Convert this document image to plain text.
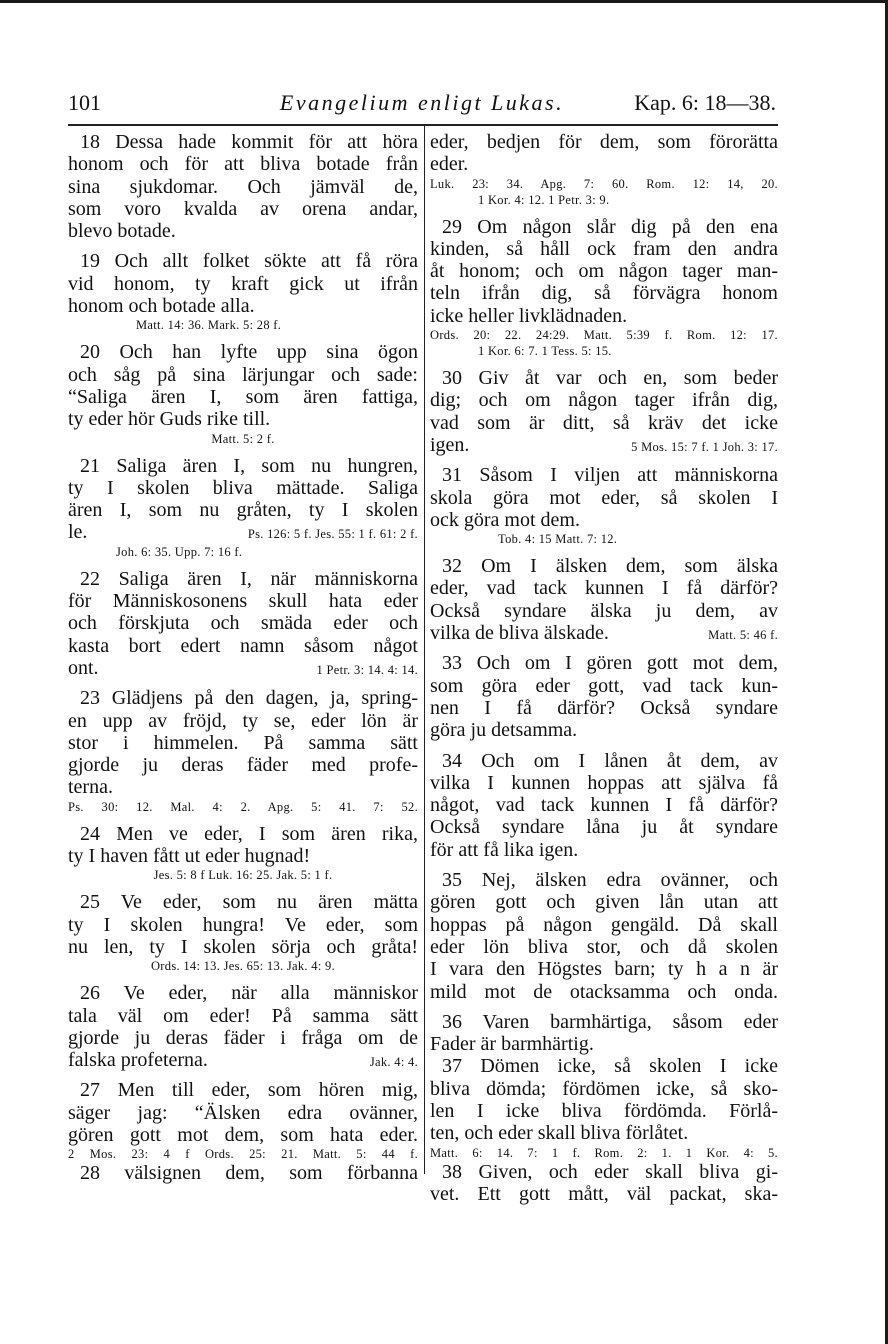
101	Evangelium enligt Lukas.	Kap. 6: 18—38.
18 Dessa hade kommit för att höra
honom och för att bliva botade från
sina sjukdomar. Och jämväl de,
som voro kvalda av orena andar,
blevo botade.
19 Och allt folket sökte att få röra
vid honom, ty kraft gick ut ifrån
honom och botade alla.
Matt. 14: 36. Mark. 5: 28 f.
20 Och han lyfte upp sina ögon
och såg på sina lärjungar och sade:
“Saliga ären I, som ären fattiga,
ty eder hör Guds rike till.
Matt. 5: 2 f.
21 Saliga ären I, som nu hungren,
ty I skolen bliva mättade. Saliga
ären I, som nu gråten, ty I skolen
le.	Ps. 126: 5 f. Jes. 55: 1 f. 61: 2 f.
Joh. 6: 35. Upp. 7: 16 f.
22 Saliga ären I, när människorna
för Människosonens skull hata eder
och förskjuta och smäda eder och
kasta bort edert namn såsom något
ont.	1 Petr. 3: 14. 4: 14.
23 Glädjens på den dagen, ja, spring-
en upp av fröjd, ty se, eder lön är
stor i himmelen. På samma sätt
gjorde ju deras fäder med profe-
terna.
Ps. 30: 12. Mal. 4: 2. Apg. 5: 41. 7: 52.
24 Men ve eder, I som ären rika,
ty I haven fått ut eder hugnad!
Jes. 5: 8 f Luk. 16: 25. Jak. 5: 1 f.
25 Ve eder, som nu ären mätta
ty I skolen hungra! Ve eder, som
nu len, ty I skolen sörja och gråta!
Ords. 14: 13. Jes. 65: 13. Jak. 4: 9.
26 Ve eder, när alla människor
tala väl om eder! På samma sätt
gjorde ju deras fäder i fråga om de
falska profeterna.	Jak. 4: 4.
27 Men till eder, som hören mig,
säger jag: “Älsken edra ovänner,
gören gott mot dem, som hata eder.
2 Mos. 23: 4 f Ords. 25: 21. Matt. 5: 44 f.
28 välsignen dem, som förbanna
eder, bedjen för dem, som förorätta
eder.
Luk. 23: 34. Apg. 7: 60. Rom. 12: 14, 20.
1 Kor. 4: 12. 1 Petr. 3: 9.
29 Om någon slår dig på den ena
kinden, så håll ock fram den andra
åt honom; och om någon tager man-
teln ifrån dig, så förvägra honom
icke heller livklädnaden.
Ords. 20: 22. 24:29. Matt. 5:39 f. Rom. 12: 17.
1 Kor. 6: 7. 1 Tess. 5: 15.
30 Giv åt var och en, som beder
dig; och om någon tager ifrån dig,
vad som är ditt, så kräv det icke
igen.	5 Mos. 15: 7 f. 1 Joh. 3: 17.
31 Såsom I viljen att människorna
skola göra mot eder, så skolen I
ock göra mot dem.
Tob. 4: 15 Matt. 7: 12.
32 Om I älsken dem, som älska
eder, vad tack kunnen I få därför?
Också syndare älska ju dem, av
vilka de bliva älskade.	Matt. 5: 46 f.
33 Och om I gören gott mot dem,
som göra eder gott, vad tack kun-
nen I få därför? Också syndare
göra ju detsamma.
34 Och om I lånen åt dem, av
vilka I kunnen hoppas att själva få
något, vad tack kunnen I få därför?
Också syndare låna ju åt syndare
för att få lika igen.
35 Nej, älsken edra ovänner, och
gören gott och given lån utan att
hoppas på någon gengäld. Då skall
eder lön bliva stor, och då skolen
I vara den Högstes barn; ty h a n är
mild mot de otacksamma och onda.
36 Varen barmhärtiga, såsom eder
Fader är barmhärtig.
37 Dömen icke, så skolen I icke
bliva dömda; fördömen icke, så sko-
len I icke bliva fördömda. Förlå-
ten, och eder skall bliva förlåtet.
Matt. 6: 14. 7: 1 f. Rom. 2: 1. 1 Kor. 4: 5.
38 Given, och eder skall bliva gi-
vet. Ett gott mått, väl packat, ska-
